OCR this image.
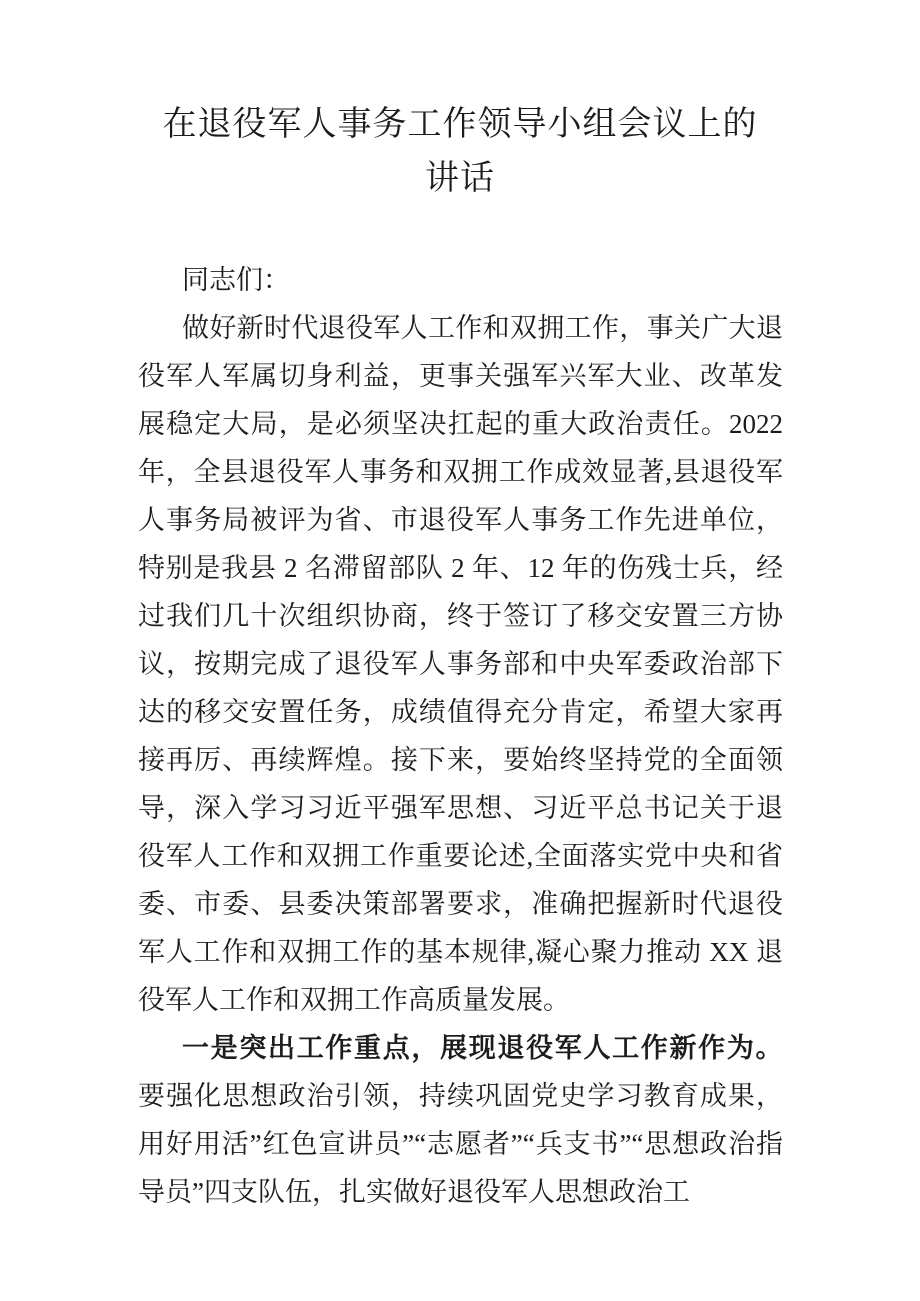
在退役军人事务工作领导小组会议上的
讲话

同志们：

做好新时代退役军人工作和双拥工作，事关广大退役军人军属切身利益，更事关强军兴军大业、改革发展稳定大局，是必须坚决扛起的重大政治责任。2022 年，全县退役军人事务和双拥工作成效显著,县退役军人事务局被评为省、市退役军人事务工作先进单位，特别是我县 2 名滞留部队 2 年、12 年的伤残士兵，经过我们几十次组织协商，终于签订了移交安置三方协议，按期完成了退役军人事务部和中央军委政治部下达的移交安置任务，成绩值得充分肯定，希望大家再接再厉、再续辉煌。接下来，要始终坚持党的全面领导，深入学习习近平强军思想、习近平总书记关于退役军人工作和双拥工作重要论述,全面落实党中央和省委、市委、县委决策部署要求，准确把握新时代退役军人工作和双拥工作的基本规律,凝心聚力推动 XX 退役军人工作和双拥工作高质量发展。

一是突出工作重点，展现退役军人工作新作为。要强化思想政治引领，持续巩固党史学习教育成果，用好用活”红色宣讲员”“志愿者”“兵支书”“思想政治指导员”四支队伍，扎实做好退役军人思想政治工
